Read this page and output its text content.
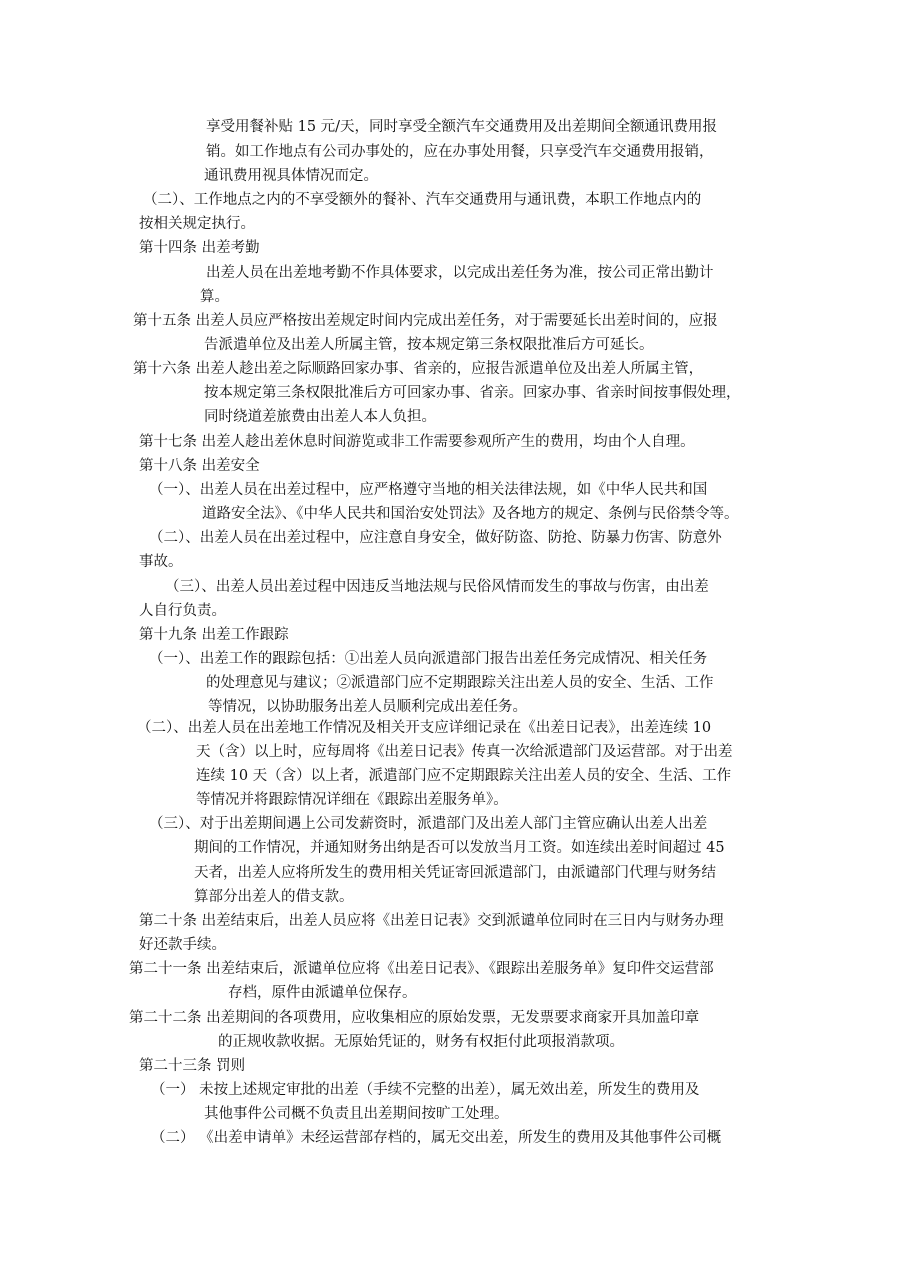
享受用餐补贴 15 元/天，同时享受全额汽车交通费用及出差期间全额通讯费用报
销。如工作地点有公司办事处的，应在办事处用餐，只享受汽车交通费用报销，
通讯费用视具体情况而定。
（二）、工作地点之内的不享受额外的餐补、汽车交通费用与通讯费，本职工作地点内的
按相关规定执行。
第十四条 出差考勤
出差人员在出差地考勤不作具体要求，以完成出差任务为准，按公司正常出勤计
算。
第十五条 出差人员应严格按出差规定时间内完成出差任务，对于需要延长出差时间的，应报
告派遣单位及出差人所属主管，按本规定第三条权限批准后方可延长。
第十六条 出差人趁出差之际顺路回家办事、省亲的，应报告派遣单位及出差人所属主管，
按本规定第三条权限批准后方可回家办事、省亲。回家办事、省亲时间按事假处理，
同时绕道差旅费由出差人本人负担。
第十七条 出差人趁出差休息时间游览或非工作需要参观所产生的费用，均由个人自理。
第十八条 出差安全
（一）、出差人员在出差过程中，应严格遵守当地的相关法律法规，如《中华人民共和国
道路安全法》、《中华人民共和国治安处罚法》及各地方的规定、条例与民俗禁令等。
（二）、出差人员在出差过程中，应注意自身安全，做好防盗、防抢、防暴力伤害、防意外
事故。
（三）、出差人员出差过程中因违反当地法规与民俗风情而发生的事故与伤害，由出差
人自行负责。
第十九条 出差工作跟踪
（一）、出差工作的跟踪包括：①出差人员向派遣部门报告出差任务完成情况、相关任务
的处理意见与建议；②派遣部门应不定期跟踪关注出差人员的安全、生活、工作
等情况，以协助服务出差人员顺利完成出差任务。
（二）、出差人员在出差地工作情况及相关开支应详细记录在《出差日记表》，出差连续 10
天（含）以上时，应每周将《出差日记表》传真一次给派遣部门及运营部。对于出差
连续 10 天（含）以上者，派遣部门应不定期跟踪关注出差人员的安全、生活、工作
等情况并将跟踪情况详细在《跟踪出差服务单》。
（三）、对于出差期间遇上公司发薪资时，派遣部门及出差人部门主管应确认出差人出差
期间的工作情况，并通知财务出纳是否可以发放当月工资。如连续出差时间超过 45
天者，出差人应将所发生的费用相关凭证寄回派遣部门，由派谴部门代理与财务结
算部分出差人的借支款。
第二十条 出差结束后，出差人员应将《出差日记表》交到派谴单位同时在三日内与财务办理
好还款手续。
第二十一条 出差结束后，派谴单位应将《出差日记表》、《跟踪出差服务单》复印件交运营部
存档，原件由派谴单位保存。
第二十二条 出差期间的各项费用，应收集相应的原始发票，无发票要求商家开具加盖印章
的正规收款收据。无原始凭证的，财务有权拒付此项报消款项。
第二十三条 罚则
（一） 未按上述规定审批的出差（手续不完整的出差），属无效出差，所发生的费用及
其他事件公司概不负责且出差期间按旷工处理。
（二） 《出差申请单》未经运营部存档的，属无交出差，所发生的费用及其他事件公司概
